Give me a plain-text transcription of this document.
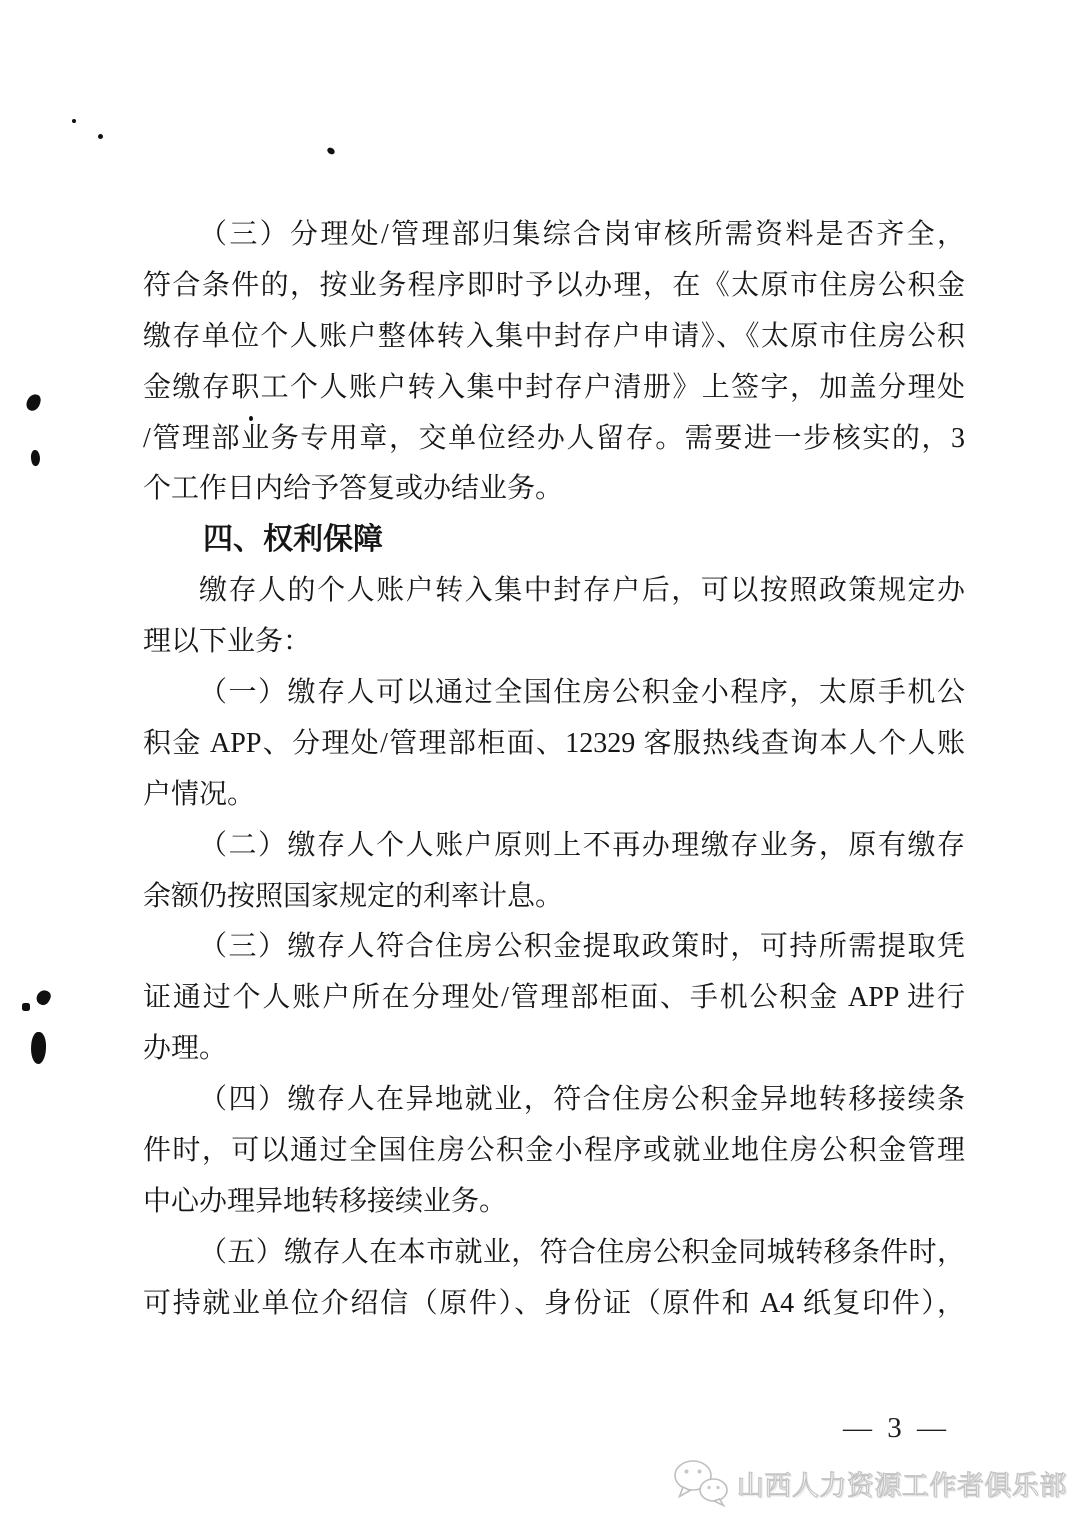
（三）分理处/管理部归集综合岗审核所需资料是否齐全，

符合条件的，按业务程序即时予以办理，在《太原市住房公积金

缴存单位个人账户整体转入集中封存户申请》、《太原市住房公积

金缴存职工个人账户转入集中封存户清册》上签字，加盖分理处

/管理部业务专用章，交单位经办人留存。需要进一步核实的，3

个工作日内给予答复或办结业务。

四、权利保障

缴存人的个人账户转入集中封存户后，可以按照政策规定办

理以下业务：

（一）缴存人可以通过全国住房公积金小程序，太原手机公

积金 APP、分理处/管理部柜面、12329 客服热线查询本人个人账

户情况。

（二）缴存人个人账户原则上不再办理缴存业务，原有缴存

余额仍按照国家规定的利率计息。

（三）缴存人符合住房公积金提取政策时，可持所需提取凭

证通过个人账户所在分理处/管理部柜面、手机公积金 APP 进行

办理。

（四）缴存人在异地就业，符合住房公积金异地转移接续条

件时，可以通过全国住房公积金小程序或就业地住房公积金管理

中心办理异地转移接续业务。

（五）缴存人在本市就业，符合住房公积金同城转移条件时，

可持就业单位介绍信（原件）、身份证（原件和 A4 纸复印件），

— 3 —
山西人力资源工作者俱乐部
